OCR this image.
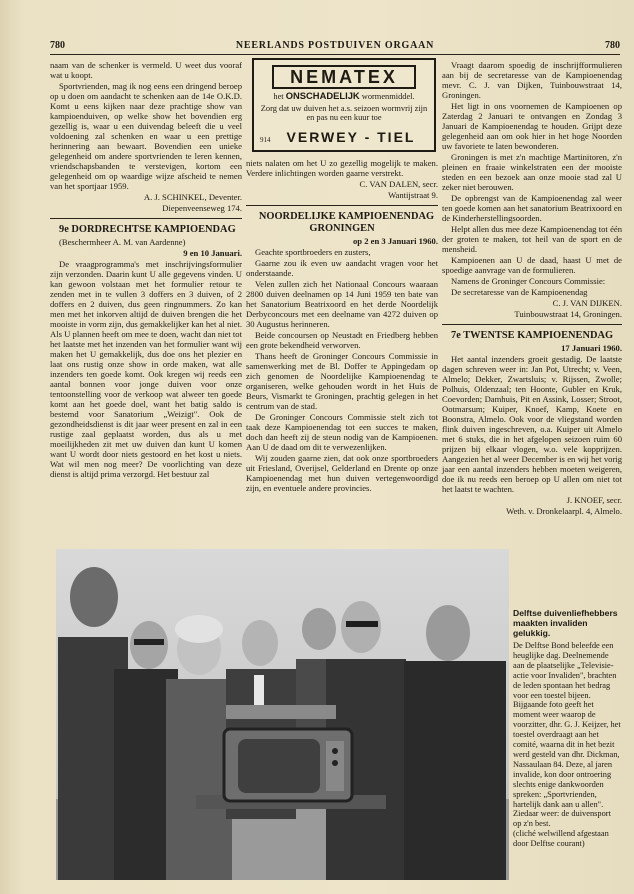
780	NEERLANDS POSTDUIVEN ORGAAN	780

naam van de schenker is vermeld. U weet dus vooraf wat u koopt.

Sportvrienden, mag ik nog eens een dringend beroep op u doen om aandacht te schenken aan de 14e O.K.D. Komt u eens kijken naar deze prachtige show van kampioenduiven, op welke show het bovendien erg gezellig is, waar u een duivendag beleeft die u veel voldoening zal schenken en waar u een prettige herinnering aan bewaart. Bovendien een unieke gelegenheid om andere sportvrienden te leren kennen, vriendschapsbanden te verstevigen, kortom een gelegenheid om op waardige wijze afscheid te nemen van het sportjaar 1959.

A. J. SCHINKEL, Deventer.

Diepenveenseweg 174.

9e DORDRECHTSE KAMPIOENDAG

(Beschermheer A. M. van Aardenne)

9 en 10 Januari.

De vraagprogramma's met inschrijvingsformulier zijn verzonden. Daarin kunt U alle gegevens vinden. U kan gewoon volstaan met het formulier retour te zenden met in te vullen 3 doffers en 3 duiven, of 2 doffers en 2 duiven, dus geen ringnummers. Zo kan men met het inkorven altijd de duiven brengen die het mooiste in vorm zijn, dus gemakkelijker kan het al niet. Als U plannen heeft om mee te doen, wacht dan niet tot het laatste met het inzenden van het formulier want wij maken het U gemakkelijk, dus doe ons het plezier en laat ons rustig onze show in orde maken, wat alle inzenders ten goede komt. Ook kregen wij reeds een aantal bonnen voor jonge duiven voor onze tentoonstelling voor de verkoop wat alweer ten goede komt aan het goede doel, want het batig saldo is bestemd voor Sanatorium „Weizigt". Ook de gezondheidsdienst is dit jaar weer present en zal in een rustige zaal geplaatst worden, dus als u met moeilijkheden zit met uw duiven dan kunt U komen want U wordt door niets gestoord en het kost u niets. Wat wil men nog meer? De voorlichting van deze dienst is altijd prima verzorgd. Het bestuur zal

NEMATEX
het ONSCHADELIJK wormenmiddel.
Zorg dat uw duiven het a.s. seizoen wormvrij zijn en pas nu een kuur toe
914 VERWEY - TIEL

niets nalaten om het U zo gezellig mogelijk te maken. Verdere inlichtingen worden gaarne verstrekt.

C. VAN DALEN, secr.

Wantijstraat 9.

NOORDELIJKE KAMPIOENENDAG GRONINGEN

op 2 en 3 Januari 1960.

Geachte sportbroeders en zusters,

Gaarne zou ik even uw aandacht vragen voor het onderstaande.

Velen zullen zich het Nationaal Concours waaraan 2800 duiven deelnamen op 14 Juni 1959 ten bate van het Sanatorium Beatrixoord en het derde Noordelijk Derbyconcours met een deelname van 4272 duiven op 30 Augustus herinneren.

Beide concoursen op Neustadt en Friedberg hebben een grote bekendheid verworven.

Thans heeft de Groninger Concours Commissie in samenwerking met de Bl. Doffer te Appingedam op zich genomen de Noordelijke Kampioenendag te organiseren, welke gehouden wordt in het Huis de Beurs, Vismarkt te Groningen, prachtig gelegen in het centrum van de stad.

De Groninger Concours Commissie stelt zich tot taak deze Kampioenendag tot een succes te maken, doch dan heeft zij de steun nodig van de Kampioenen. Aan U de daad om dit te verwezenlijken.

Wij zouden gaarne zien, dat ook onze sportbroeders uit Friesland, Overijsel, Gelderland en Drente op onze Kampioenendag met hun duiven vertegenwoordigd zijn, en eventuele andere provincies.

Vraagt daarom spoedig de inschrijfformulieren aan bij de secretaresse van de Kampioenendag mevr. C. J. van Dijken, Tuinbouwstraat 14, Groningen.

Het ligt in ons voornemen de Kampioenen op Zaterdag 2 Januari te ontvangen en Zondag 3 Januari de Kampioenendag te houden. Grijpt deze gelegenheid aan om ook hier in het hoge Noorden uw favoriete te laten bewonderen.

Groningen is met z'n machtige Martinitoren, z'n pleinen en fraaie winkelstraten een der mooiste steden en een bezoek aan onze mooie stad zal U zeker niet berouwen.

De opbrengst van de Kampioenendag zal weer ten goede komen aan het sanatorium Beatrixoord en de Kinderherstellingsoorden.

Helpt allen dus mee deze Kampioenendag tot één der groten te maken, tot heil van de sport en de mensheid.

Kampioenen aan U de daad, haast U met de spoedige aanvrage van de formulieren.

Namens de Groninger Concours Commissie:

De secretaresse van de Kampioenendag

C. J. VAN DIJKEN.

Tuinbouwstraat 14, Groningen.

7e TWENTSE KAMPIOENENDAG

17 Januari 1960.

Het aantal inzenders groeit gestadig. De laatste dagen schreven weer in: Jan Pot, Utrecht; v. Veen, Almelo; Dekker, Zwartsluis; v. Rijssen, Zwolle; Polhuis, Oldenzaal; ten Hoonte, Gubler en Kruk, Coevorden; Damhuis, Pit en Assink, Losser; Stroot, Ootmarsum; Kuiper, Knoef, Kamp, Koete en Boonstra, Almelo. Ook voor de vliegstand worden flink duiven ingeschreven, o.a. Kuiper uit Almelo met 6 stuks, die in het afgelopen seizoen ruim 60 prijzen bij elkaar vlogen, w.o. vele kopprijzen. Aangezien het al weer December is en wij het vorig jaar een aantal inzenders hebben moeten weigeren, doe ik nu reeds een beroep op U allen om niet tot het laatst te wachten.

J. KNOEF, secr.

Weth. v. Dronkelaarpl. 4, Almelo.

Delftse duivenliefhebbers maakten invaliden gelukkig.

De Delftse Bond beleefde een heuglijke dag. Deelnemende aan de plaatselijke „Televisie-actie voor Invaliden", brachten de leden spontaan het bedrag voor een toestel bijeen. Bijgaande foto geeft het moment weer waarop de voorzitter, dhr. G. J. Keijzer, het toestel overdraagt aan het comité, waarna dit in het bezit werd gesteld van dhr. Dickman, Nassaulaan 84. Deze, al jaren invalide, kon door ontroering slechts enige dankwoorden spreken: „Sportvrienden, hartelijk dank aan u allen".

Ziedaar weer: de duivensport op z'n best.

(cliché welwillend afgestaan door Delftse courant)
